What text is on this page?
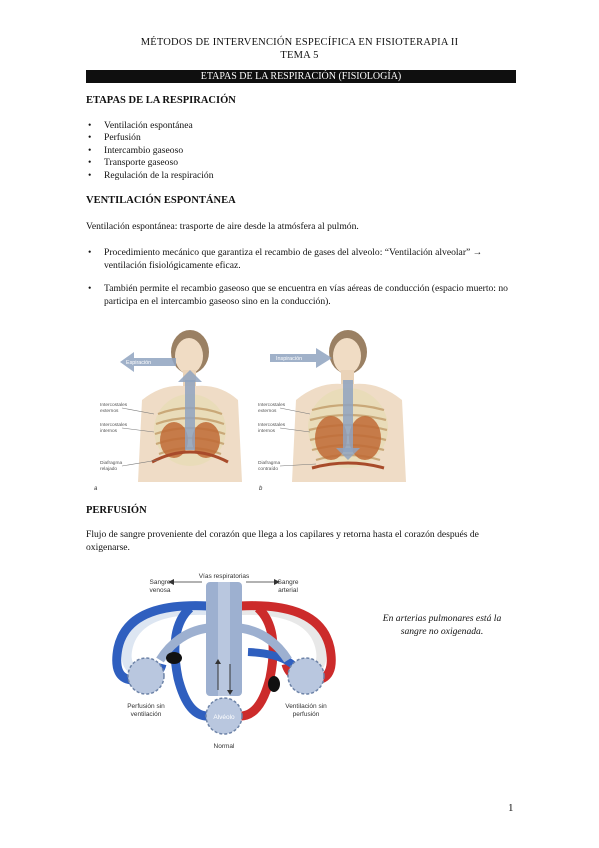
MÉTODOS DE INTERVENCIÓN ESPECÍFICA EN FISIOTERAPIA II
TEMA 5
ETAPAS DE LA RESPIRACIÓN (FISIOLOGÍA)
ETAPAS DE LA RESPIRACIÓN
• Ventilación espontánea
• Perfusión
• Intercambio gaseoso
• Transporte gaseoso
• Regulación de la respiración
VENTILACIÓN ESPONTÁNEA
Ventilación espontánea: trasporte de aire desde la atmósfera al pulmón.
• Procedimiento mecánico que garantiza el recambio de gases del alveolo: “Ventilación alveolar” → ventilación fisiológicamente eficaz.
• También permite el recambio gaseoso que se encuentra en vías aéreas de conducción (espacio muerto: no participa en el intercambio gaseoso sino en la conducción).
Espiración
Intercostales
externos
Intercostales
internos
Diafragma
relajado
a
Inspiración
Intercostales
externos
Intercostales
internos
Diafragma
contraído
b
PERFUSIÓN
Flujo de sangre proveniente del corazón que llega a los capilares y retorna hasta el corazón después de oxigenarse.
Vías respiratorias
Sangre
venosa
Sangre
arterial
Perfusión sin
ventilación
Ventilación sin
perfusión
Alvéolo
Normal
En arterias pulmonares está la
sangre no oxigenada.
1
